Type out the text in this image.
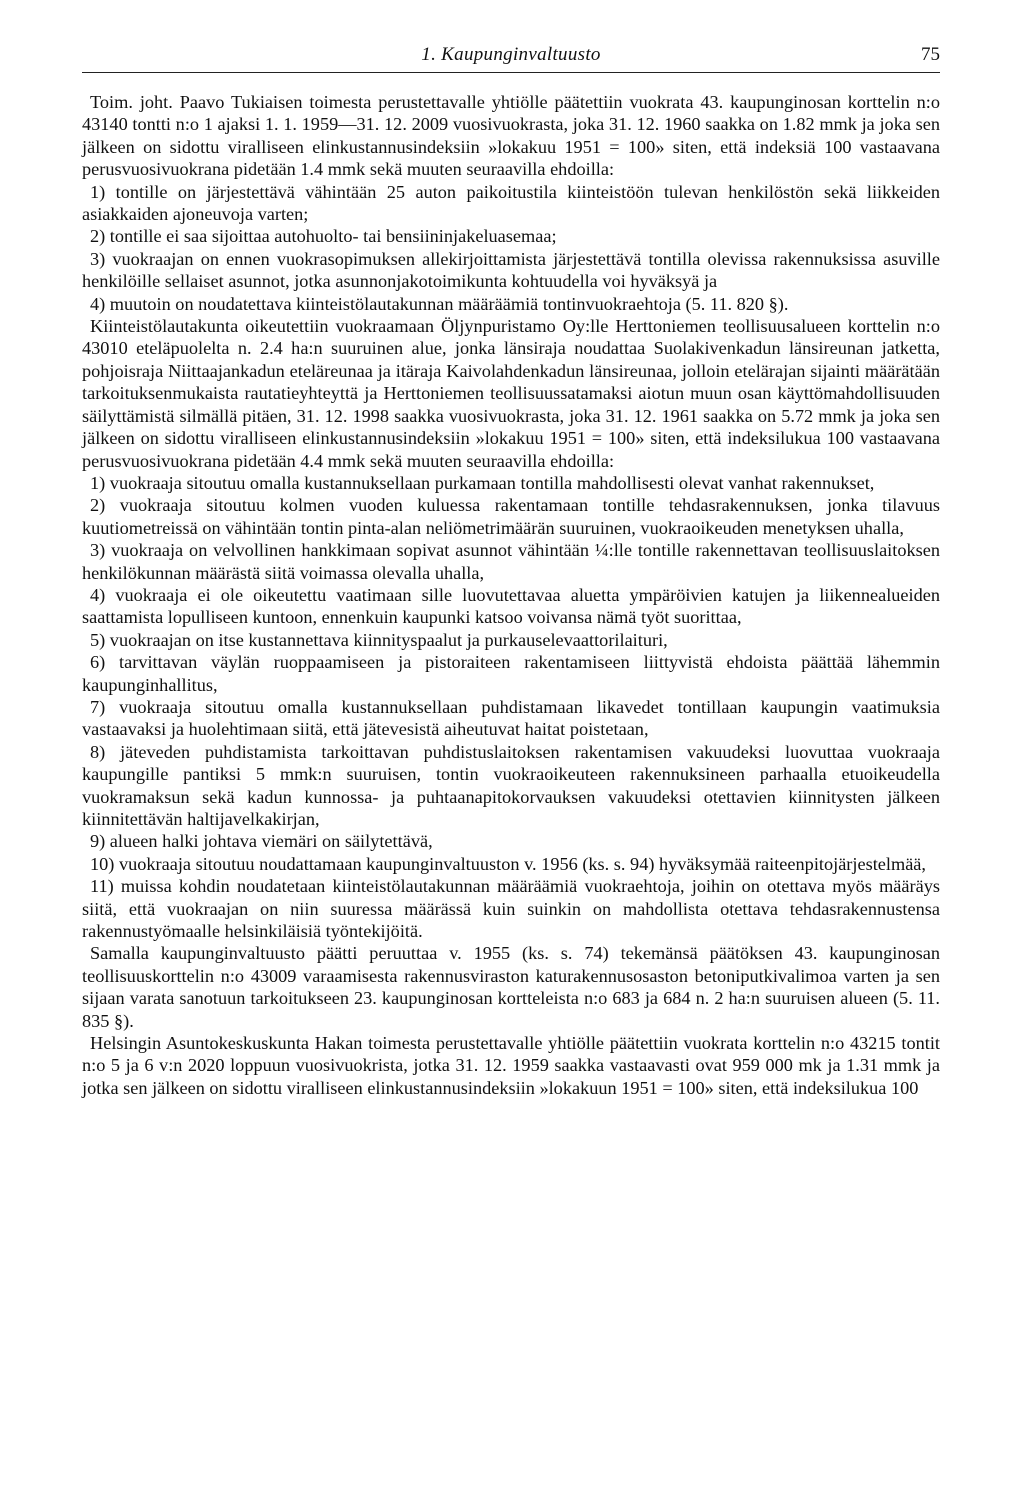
1. Kaupunginvaltuusto	75

Toim. joht. Paavo Tukiaisen toimesta perustettavalle yhtiölle päätettiin vuokrata 43. kaupunginosan korttelin n:o 43140 tontti n:o 1 ajaksi 1. 1. 1959—31. 12. 2009 vuosivuokrasta, joka 31. 12. 1960 saakka on 1.82 mmk ja joka sen jälkeen on sidottu viralliseen elinkustannusindeksiin »lokakuu 1951 = 100» siten, että indeksiä 100 vastaavana perusvuosivuokrana pidetään 1.4 mmk sekä muuten seuraavilla ehdoilla:

1) tontille on järjestettävä vähintään 25 auton paikoitustila kiinteistöön tulevan henkilöstön sekä liikkeiden asiakkaiden ajoneuvoja varten;

2) tontille ei saa sijoittaa autohuolto- tai bensiininjakeluasemaa;

3) vuokraajan on ennen vuokrasopimuksen allekirjoittamista järjestettävä tontilla olevissa rakennuksissa asuville henkilöille sellaiset asunnot, jotka asunnonjakotoimikunta kohtuudella voi hyväksyä ja

4) muutoin on noudatettava kiinteistölautakunnan määräämiä tontinvuokraehtoja (5. 11. 820 §).

Kiinteistölautakunta oikeutettiin vuokraamaan Öljynpuristamo Oy:lle Herttoniemen teollisuusalueen korttelin n:o 43010 eteläpuolelta n. 2.4 ha:n suuruinen alue, jonka länsiraja noudattaa Suolakivenkadun länsireunan jatketta, pohjoisraja Niittaajankadun eteläreunaa ja itäraja Kaivolahdenkadun länsireunaa, jolloin etelärajan sijainti määrätään tarkoituksenmukaista rautatieyhteyttä ja Herttoniemen teollisuussatamaksi aiotun muun osan käyttömahdollisuuden säilyttämistä silmällä pitäen, 31. 12. 1998 saakka vuosivuokrasta, joka 31. 12. 1961 saakka on 5.72 mmk ja joka sen jälkeen on sidottu viralliseen elinkustannusindeksiin »lokakuu 1951 = 100» siten, että indeksilukua 100 vastaavana perusvuosivuokrana pidetään 4.4 mmk sekä muuten seuraavilla ehdoilla:

1) vuokraaja sitoutuu omalla kustannuksellaan purkamaan tontilla mahdollisesti olevat vanhat rakennukset,

2) vuokraaja sitoutuu kolmen vuoden kuluessa rakentamaan tontille tehdasrakennuksen, jonka tilavuus kuutiometreissä on vähintään tontin pinta-alan neliömetrimäärän suuruinen, vuokraoikeuden menetyksen uhalla,

3) vuokraaja on velvollinen hankkimaan sopivat asunnot vähintään ¼:lle tontille rakennettavan teollisuuslaitoksen henkilökunnan määrästä siitä voimassa olevalla uhalla,

4) vuokraaja ei ole oikeutettu vaatimaan sille luovutettavaa aluetta ympäröivien katujen ja liikennealueiden saattamista lopulliseen kuntoon, ennenkuin kaupunki katsoo voivansa nämä työt suorittaa,

5) vuokraajan on itse kustannettava kiinnityspaalut ja purkauselevaattorilaituri,

6) tarvittavan väylän ruoppaamiseen ja pistoraiteen rakentamiseen liittyvistä ehdoista päättää lähemmin kaupunginhallitus,

7) vuokraaja sitoutuu omalla kustannuksellaan puhdistamaan likavedet tontillaan kaupungin vaatimuksia vastaavaksi ja huolehtimaan siitä, että jätevesistä aiheutuvat haitat poistetaan,

8) jäteveden puhdistamista tarkoittavan puhdistuslaitoksen rakentamisen vakuudeksi luovuttaa vuokraaja kaupungille pantiksi 5 mmk:n suuruisen, tontin vuokraoikeuteen rakennuksineen parhaalla etuoikeudella vuokramaksun sekä kadun kunnossa- ja puhtaanapitokorvauksen vakuudeksi otettavien kiinnitysten jälkeen kiinnitettävän haltijavelkakirjan,

9) alueen halki johtava viemäri on säilytettävä,

10) vuokraaja sitoutuu noudattamaan kaupunginvaltuuston v. 1956 (ks. s. 94) hyväksymää raiteenpitojärjestelmää,

11) muissa kohdin noudatetaan kiinteistölautakunnan määräämiä vuokraehtoja, joihin on otettava myös määräys siitä, että vuokraajan on niin suuressa määrässä kuin suinkin on mahdollista otettava tehdasrakennustensa rakennustyömaalle helsinkiläisiä työntekijöitä.

Samalla kaupunginvaltuusto päätti peruuttaa v. 1955 (ks. s. 74) tekemänsä päätöksen 43. kaupunginosan teollisuuskorttelin n:o 43009 varaamisesta rakennusviraston katurakennusosaston betoniputkivalimoa varten ja sen sijaan varata sanotuun tarkoitukseen 23. kaupunginosan kortteleista n:o 683 ja 684 n. 2 ha:n suuruisen alueen (5. 11. 835 §).

Helsingin Asuntokeskuskunta Hakan toimesta perustettavalle yhtiölle päätettiin vuokrata korttelin n:o 43215 tontit n:o 5 ja 6 v:n 2020 loppuun vuosivuokrista, jotka 31. 12. 1959 saakka vastaavasti ovat 959 000 mk ja 1.31 mmk ja jotka sen jälkeen on sidottu viralliseen elinkustannusindeksiin »lokakuun 1951 = 100» siten, että indeksilukua 100
